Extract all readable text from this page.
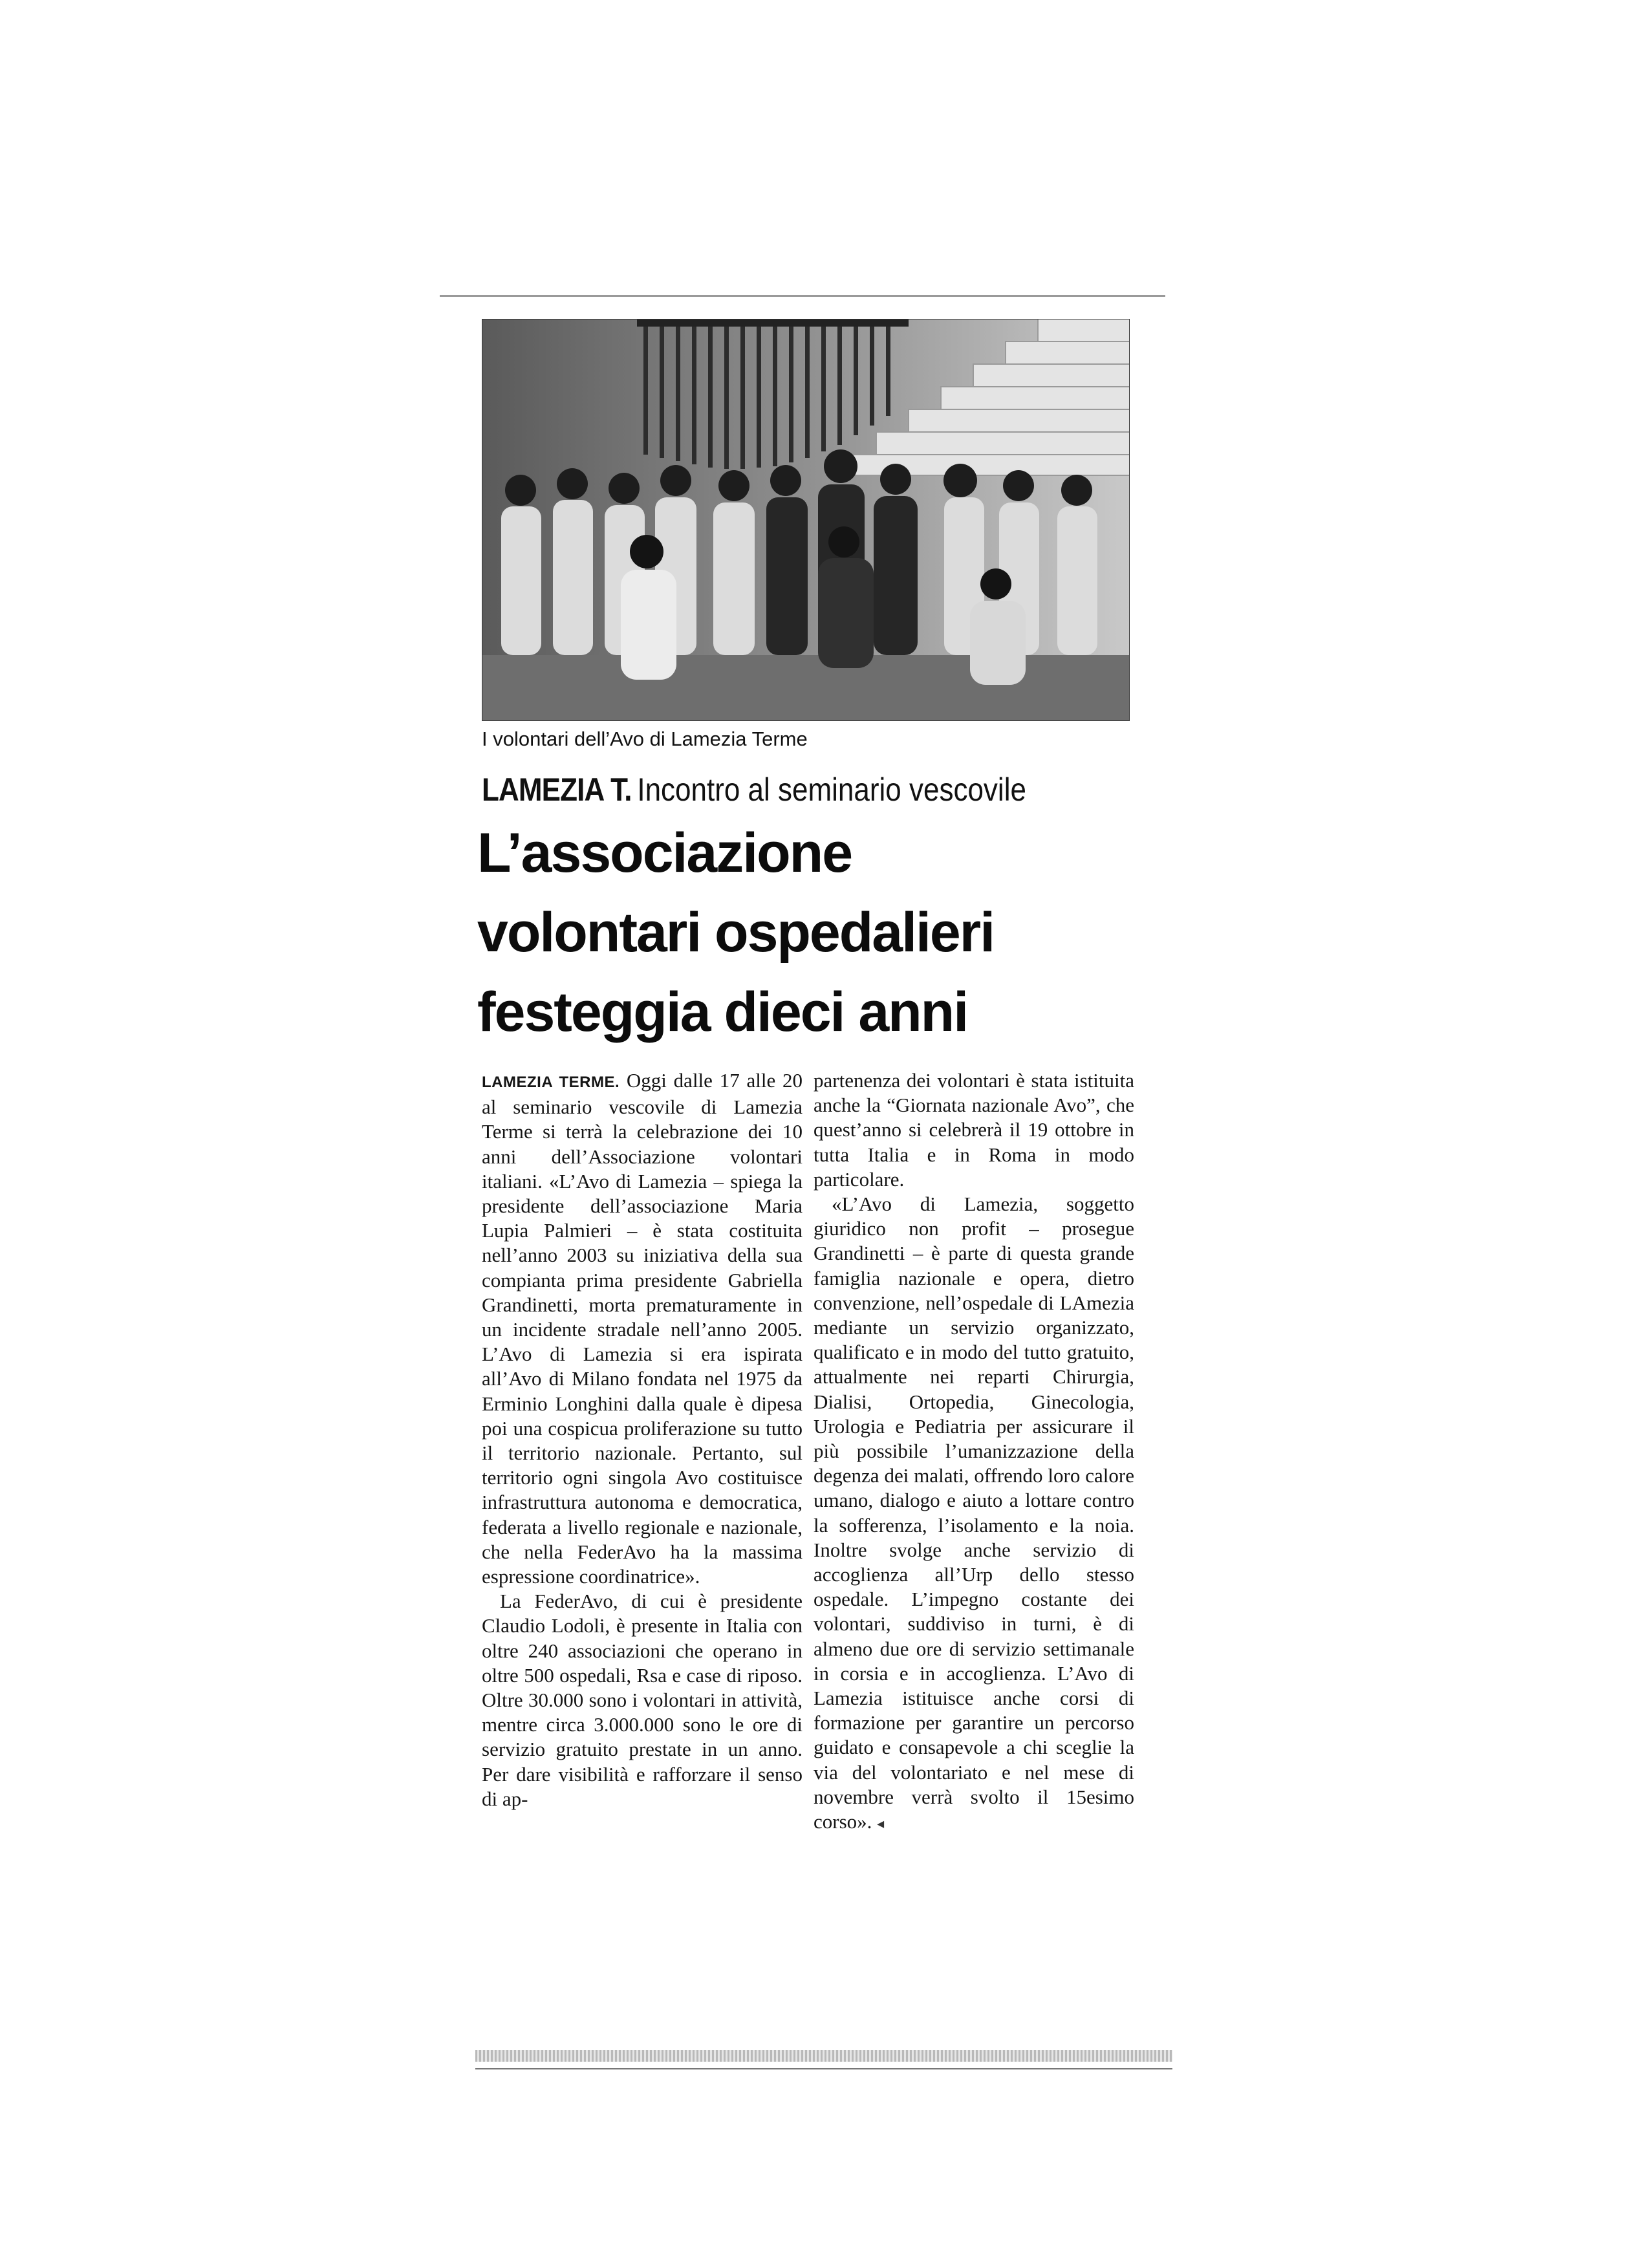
I volontari dell’Avo di Lamezia Terme
LAMEZIA T. Incontro al seminario vescovile
L’associazione
volontari ospedalieri
festeggia dieci anni

LAMEZIA TERME. Oggi dalle 17 alle 20 al seminario vescovile di Lamezia Terme si terrà la celebrazione dei 10 anni dell’Associazione volontari italiani. «L’Avo di Lamezia – spiega la presidente dell’associazione Maria Lupia Palmieri – è stata costituita nell’anno 2003 su iniziativa della sua compianta prima presidente Gabriella Grandinetti, morta prematuramente in un incidente stradale nell’anno 2005. L’Avo di Lamezia si era ispirata all’Avo di Milano fondata nel 1975 da Erminio Longhini dalla quale è dipesa poi una cospicua proliferazione su tutto il territorio nazionale. Pertanto, sul territorio ogni singola Avo costituisce infrastruttura autonoma e democratica, federata a livello regionale e nazionale, che nella FederAvo ha la massima espressione coordinatrice».

La FederAvo, di cui è presidente Claudio Lodoli, è presente in Italia con oltre 240 associazioni che operano in oltre 500 ospedali, Rsa e case di riposo. Oltre 30.000 sono i volontari in attività, mentre circa 3.000.000 sono le ore di servizio gratuito prestate in un anno. Per dare visibilità e rafforzare il senso di ap-

partenenza dei volontari è stata istituita anche la “Giornata nazionale Avo”, che quest’anno si celebrerà il 19 ottobre in tutta Italia e in Roma in modo particolare.

«L’Avo di Lamezia, soggetto giuridico non profit – prosegue Grandinetti – è parte di questa grande famiglia nazionale e opera, dietro convenzione, nell’ospedale di LAmezia mediante un servizio organizzato, qualificato e in modo del tutto gratuito, attualmente nei reparti Chirurgia, Dialisi, Ortopedia, Ginecologia, Urologia e Pediatria per assicurare il più possibile l’umanizzazione della degenza dei malati, offrendo loro calore umano, dialogo e aiuto a lottare contro la sofferenza, l’isolamento e la noia. Inoltre svolge anche servizio di accoglienza all’Urp dello stesso ospedale. L’impegno costante dei volontari, suddiviso in turni, è di almeno due ore di servizio settimanale in corsia e in accoglienza. L’Avo di Lamezia istituisce anche corsi di formazione per garantire un percorso guidato e consapevole a chi sceglie la via del volontariato e nel mese di novembre verrà svolto il 15esimo corso». ◂
